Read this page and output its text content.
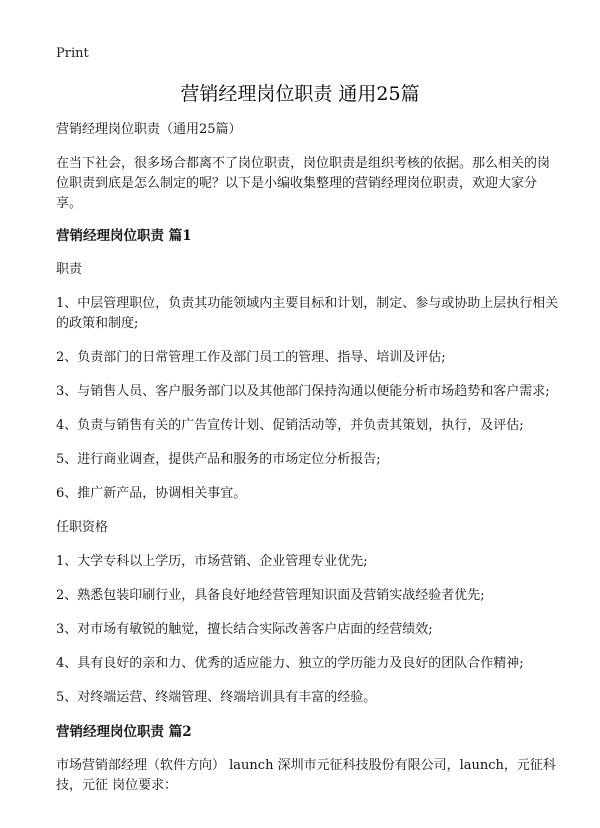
Print
营销经理岗位职责 通用25篇

营销经理岗位职责（通用25篇）

在当下社会，很多场合都离不了岗位职责，岗位职责是组织考核的依据。那么相关的岗位职责到底是怎么制定的呢？以下是小编收集整理的营销经理岗位职责，欢迎大家分享。

营销经理岗位职责 篇1

职责

1、中层管理职位，负责其功能领域内主要目标和计划，制定、参与或协助上层执行相关的政策和制度;

2、负责部门的日常管理工作及部门员工的管理、指导、培训及评估;

3、与销售人员、客户服务部门以及其他部门保持沟通以便能分析市场趋势和客户需求;

4、负责与销售有关的广告宣传计划、促销活动等，并负责其策划，执行，及评估;

5、进行商业调查，提供产品和服务的市场定位分析报告;

6、推广新产品，协调相关事宜。

任职资格

1、大学专科以上学历，市场营销、企业管理专业优先;

2、熟悉包装印刷行业，具备良好地经营管理知识面及营销实战经验者优先;

3、对市场有敏锐的触觉，擅长结合实际改善客户店面的经营绩效;

4、具有良好的亲和力、优秀的适应能力、独立的学历能力及良好的团队合作精神;

5、对终端运营、终端管理、终端培训具有丰富的经验。

营销经理岗位职责 篇2

市场营销部经理（软件方向） launch 深圳市元征科技股份有限公司，launch，元征科技，元征 岗位要求：
